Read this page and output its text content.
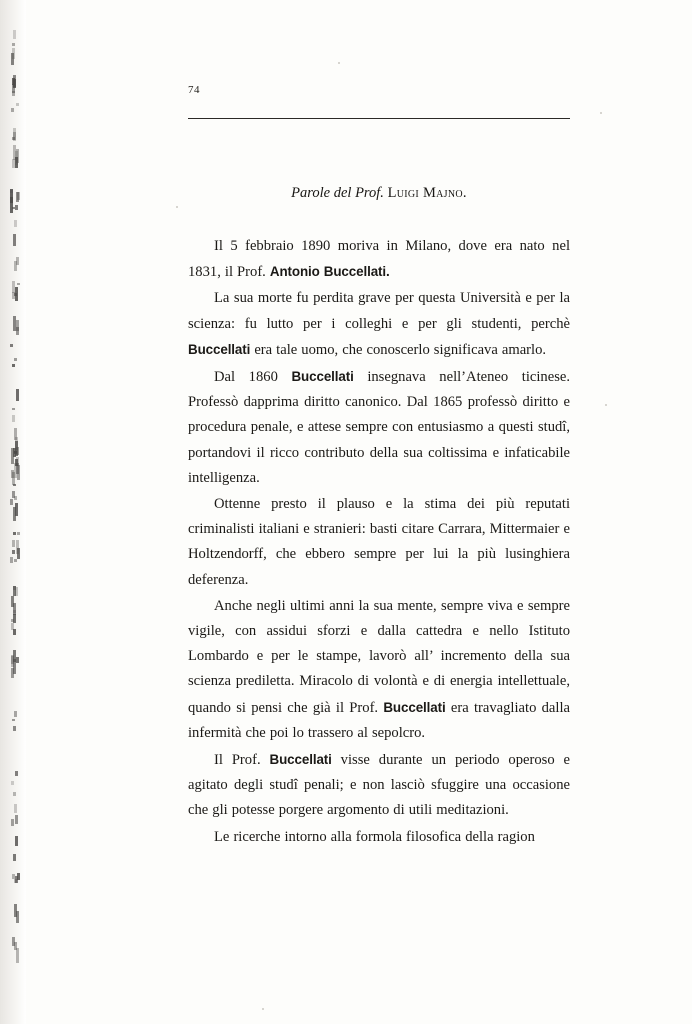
74
Parole del Prof. Luigi Majno.

Il 5 febbraio 1890 moriva in Milano, dove era nato nel 1831, il Prof. Antonio Buccellati.

La sua morte fu perdita grave per questa Università e per la scienza: fu lutto per i colleghi e per gli studenti, perchè Buccellati era tale uomo, che conoscerlo significava amarlo.

Dal 1860 Buccellati insegnava nell’Ateneo ticinese. Professò dapprima diritto canonico. Dal 1865 professò diritto e procedura penale, e attese sempre con entusiasmo a questi studî, portandovi il ricco contributo della sua coltissima e infaticabile intelligenza.

Ottenne presto il plauso e la stima dei più reputati criminalisti italiani e stranieri: basti citare Carrara, Mittermaier e Holtzendorff, che ebbero sempre per lui la più lusinghiera deferenza.

Anche negli ultimi anni la sua mente, sempre viva e sempre vigile, con assidui sforzi e dalla cattedra e nello Istituto Lombardo e per le stampe, lavorò all’ incremento della sua scienza prediletta. Miracolo di volontà e di energia intellettuale, quando si pensi che già il Prof. Buccellati era travagliato dalla infermità che poi lo trassero al sepolcro.

Il Prof. Buccellati visse durante un periodo operoso e agitato degli studî penali; e non lasciò sfuggire una occasione che gli potesse porgere argomento di utili meditazioni.

Le ricerche intorno alla formola filosofica della ragion
